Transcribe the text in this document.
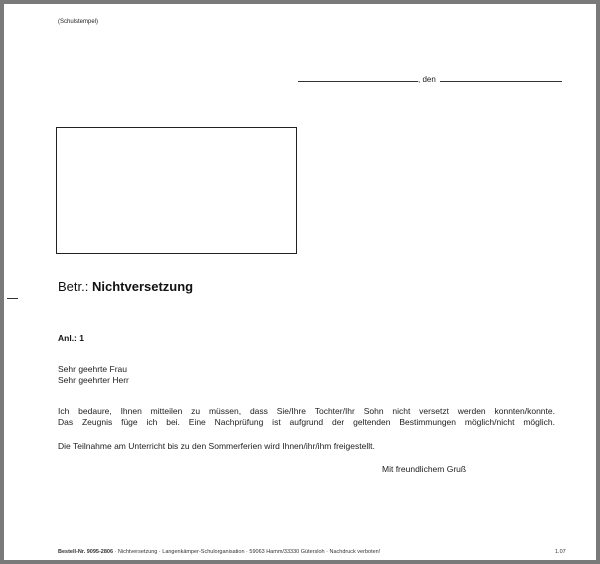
(Schulstempel)
, den
Betr.: Nichtversetzung
Anl.: 1
Sehr geehrte Frau
Sehr geehrter Herr
Ich bedaure, Ihnen mitteilen zu müssen, dass Sie/Ihre Tochter/Ihr Sohn nicht versetzt werden konnten/konnte.
Das Zeugnis füge ich bei. Eine Nachprüfung ist aufgrund der geltenden Bestimmungen möglich/nicht möglich.
Die Teilnahme am Unterricht bis zu den Sommerferien wird Ihnen/ihr/ihm freigestellt.
Mit freundlichem Gruß
Bestell-Nr. 9095-2806 · Nichtversetzung · Langenkämper-Schulorganisation · 59063 Hamm/33330 Gütersloh · Nachdruck verboten!	1.07
